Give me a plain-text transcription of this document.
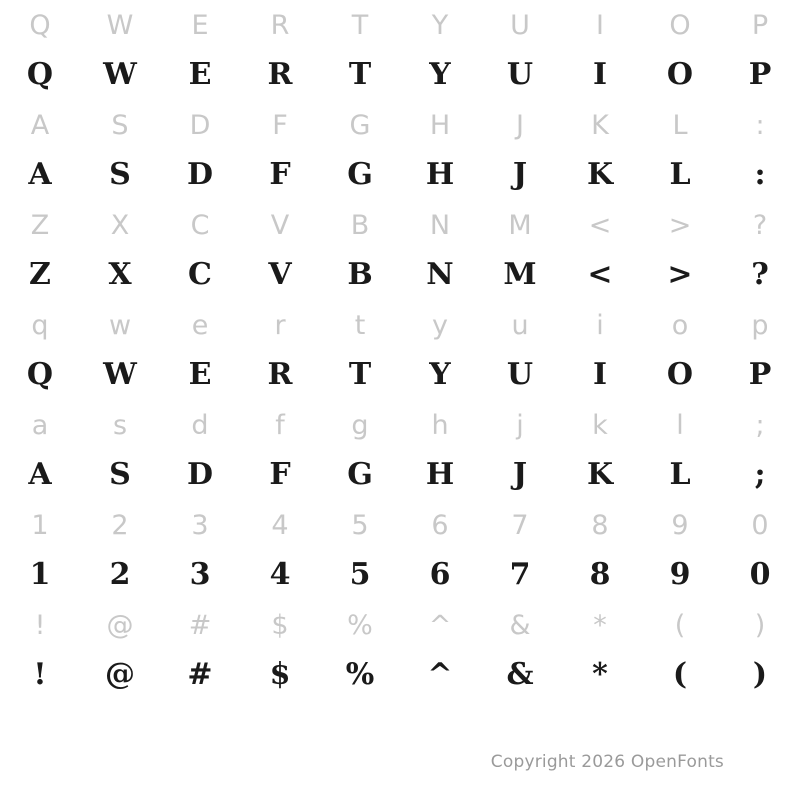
Q	W	E	R	T	Y	U	I	O	P
Q	W	E	R	T	Y	U	I	O	P
A	S	D	F	G	H	J	K	L	:
A	S	D	F	G	H	J	K	L	:
Z	X	C	V	B	N	M	<	>	?
Z	X	C	V	B	N	M	<	>	?
q	w	e	r	t	y	u	i	o	p
Q	W	E	R	T	Y	U	I	O	P
a	s	d	f	g	h	j	k	l	;
A	S	D	F	G	H	J	K	L	;
1	2	3	4	5	6	7	8	9	0
1	2	3	4	5	6	7	8	9	0
!	@	#	$	%	^	&	*	(	)
!	@	#	$	%	^	&	*	(	)
Copyright 2026 OpenFonts
